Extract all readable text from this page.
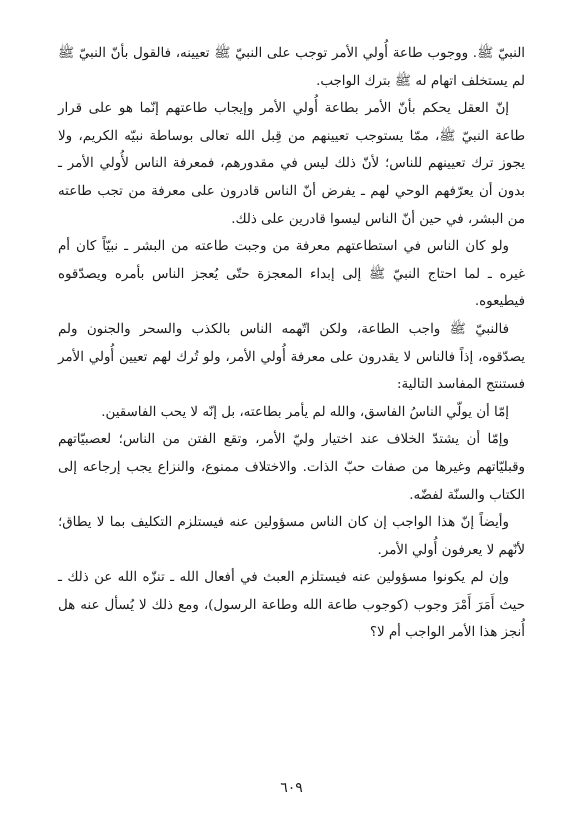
النبيّ ﷺ. ووجوب طاعة أُولي الأمر توجب على النبيّ ﷺ تعيينه، فالقول بأنّ النبيّ ﷺ لم يستخلف اتهام له ﷺ بترك الواجب.

إنّ العقل يحكم بأنّ الأمر بطاعة أُولي الأمر وإيجاب طاعتهم إنّما هو على قرار طاعة النبيّ ﷺ، ممّا يستوجب تعيينهم من قِبل الله تعالى بوساطة نبيّه الكريم، ولا يجوز ترك تعيينهم للناس؛ لأنّ ذلك ليس في مقدورهم، فمعرفة الناس لأُولي الأمر ـ بدون أن يعرّفهم الوحي لهم ـ يفرض أنّ الناس قادرون على معرفة من تجب طاعته من البشر، في حين أنّ الناس ليسوا قادرين على ذلك.

ولو كان الناس في استطاعتهم معرفة من وجبت طاعته من البشر ـ نبيّاً كان أم غيره ـ لما احتاج النبيّ ﷺ إلى إبداء المعجزة حتّى يُعجز الناس بأمره ويصدّقوه فيطيعوه.

فالنبيّ ﷺ واجب الطاعة، ولكن اتّهمه الناس بالكذب والسحر والجنون ولم يصدّقوه، إذاً فالناس لا يقدرون على معرفة أُولي الأمر، ولو تُرك لهم تعيين أُولي الأمر فستنتج المفاسد التالية:

إمّا أن يولّي الناسُ الفاسق، والله لم يأمر بطاعته، بل إنّه لا يحب الفاسقين.

وإمّا أن يشتدّ الخلاف عند اختيار وليّ الأمر، وتقع الفتن من الناس؛ لعصبيّاتهم وقبليّاتهم وغيرها من صفات حبّ الذات. والاختلاف ممنوع، والنزاع يجب إرجاعه إلى الكتاب والسنّة لفضّه.

وأيضاً إنّ هذا الواجب إن كان الناس مسؤولين عنه فيستلزم التكليف بما لا يطاق؛ لأنّهم لا يعرفون أُولي الأمر.

وإن لم يكونوا مسؤولين عنه فيستلزم العبث في أفعال الله ـ تنزّه الله عن ذلك ـ حيث أَمَرَ أَمْرَ وجوب (كوجوب طاعة الله وطاعة الرسول)، ومع ذلك لا يُسأل عنه هل أُنجز هذا الأمر الواجب أم لا؟

٦٠٩
